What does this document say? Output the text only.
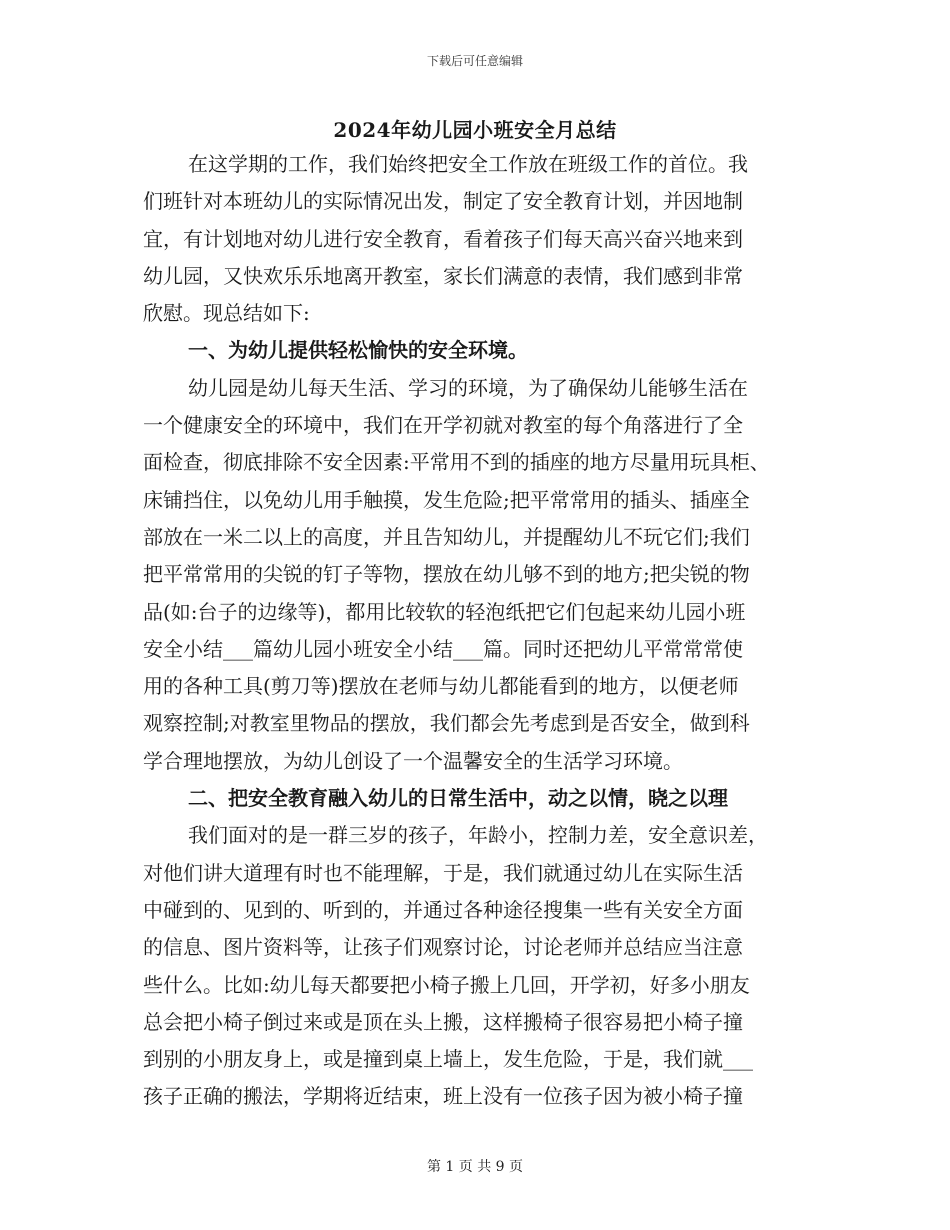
下载后可任意编辑
2024年幼儿园小班安全月总结
在这学期的工作，我们始终把安全工作放在班级工作的首位。我
们班针对本班幼儿的实际情况出发，制定了安全教育计划，并因地制
宜，有计划地对幼儿进行安全教育，看着孩子们每天高兴奋兴地来到
幼儿园，又快欢乐乐地离开教室，家长们满意的表情，我们感到非常
欣慰。现总结如下:
一、为幼儿提供轻松愉快的安全环境。
幼儿园是幼儿每天生活、学习的环境，为了确保幼儿能够生活在
一个健康安全的环境中，我们在开学初就对教室的每个角落进行了全
面检查，彻底排除不安全因素:平常用不到的插座的地方尽量用玩具柜、
床铺挡住，以免幼儿用手触摸，发生危险;把平常常用的插头、插座全
部放在一米二以上的高度，并且告知幼儿，并提醒幼儿不玩它们;我们
把平常常用的尖锐的钉子等物，摆放在幼儿够不到的地方;把尖锐的物
品(如:台子的边缘等)，都用比较软的轻泡纸把它们包起来幼儿园小班
安全小结___篇幼儿园小班安全小结___篇。同时还把幼儿平常常常使
用的各种工具(剪刀等)摆放在老师与幼儿都能看到的地方，以便老师
观察控制;对教室里物品的摆放，我们都会先考虑到是否安全，做到科
学合理地摆放，为幼儿创设了一个温馨安全的生活学习环境。
二、把安全教育融入幼儿的日常生活中，动之以情，晓之以理
我们面对的是一群三岁的孩子，年龄小，控制力差，安全意识差，
对他们讲大道理有时也不能理解，于是，我们就通过幼儿在实际生活
中碰到的、见到的、听到的，并通过各种途径搜集一些有关安全方面
的信息、图片资料等，让孩子们观察讨论，讨论老师并总结应当注意
些什么。比如:幼儿每天都要把小椅子搬上几回，开学初，好多小朋友
总会把小椅子倒过来或是顶在头上搬，这样搬椅子很容易把小椅子撞
到别的小朋友身上，或是撞到桌上墙上，发生危险，于是，我们就___
孩子正确的搬法，学期将近结束，班上没有一位孩子因为被小椅子撞
第 1 页 共 9 页
